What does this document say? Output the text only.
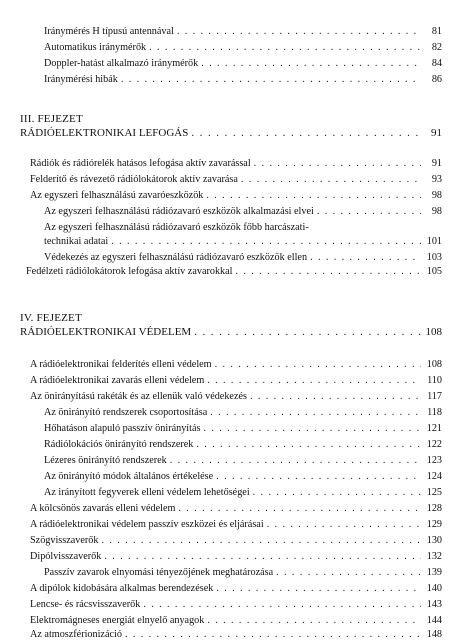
Iránymérés H típusú antennával . . .	81
Automatikus iránymérők . . .	82
Doppler-hatást alkalmazó iránymérők . . .	84
Iránymérési hibák . . .	86
III. FEJEZET
RÁDIÓELEKTRONIKAI LEFOGÁS . . .	91
Rádiók és rádiórelék hatásos lefogása aktív zavarással . . .	91
Felderítő és rávezető rádiólokátorok aktív zavarása . . .	93
Az egyszeri felhasználású zavaróeszközök . . .	98
Az egyszeri felhasználású rádiózavaró eszközök alkalmazási elvei . . .	98
Az egyszeri felhasználású rádiózavaró eszközök főbb harcászati-
technikai adatai . . .	101
Védekezés az egyszeri felhasználású rádiózavaró eszközök ellen . . .	103
Fedélzeti rádiólokátorok lefogása aktív zavarokkal . . .	105
IV. FEJEZET
RÁDIÓELEKTRONIKAI VÉDELEM . . .	108
A rádióelektronikai felderítés elleni védelem . . .	108
A rádióelektronikai zavarás elleni védelem . . .	110
Az önirányítású rakéták és az ellenük való védekezés . . .	117
Az önirányító rendszerek csoportosítása . . .	118
Hőhatáson alapuló passzív önirányítás . . .	121
Rádiólokációs önirányító rendszerek . . .	122
Lézeres önirányító rendszerek . . .	123
Az önirányító módok általános értékelése . . .	124
Az irányított fegyverek elleni védelem lehetőségei . . .	125
A kölcsönös zavarás elleni védelem . . .	128
A rádióelektronikai védelem passzív eszközei és eljárásai . . .	129
Szögvisszaverők . . .	130
Dipólvisszaverők . . .	132
Passzív zavarok elnyomási tényezőjének meghatározása . . .	139
A dipólok kidobására alkalmas berendezések . . .	140
Lencse- és rácsvisszaverők . . .	143
Elektromágneses energiát elnyelő anyagok . . .	144
Az atmoszférionizáció . . .	148
